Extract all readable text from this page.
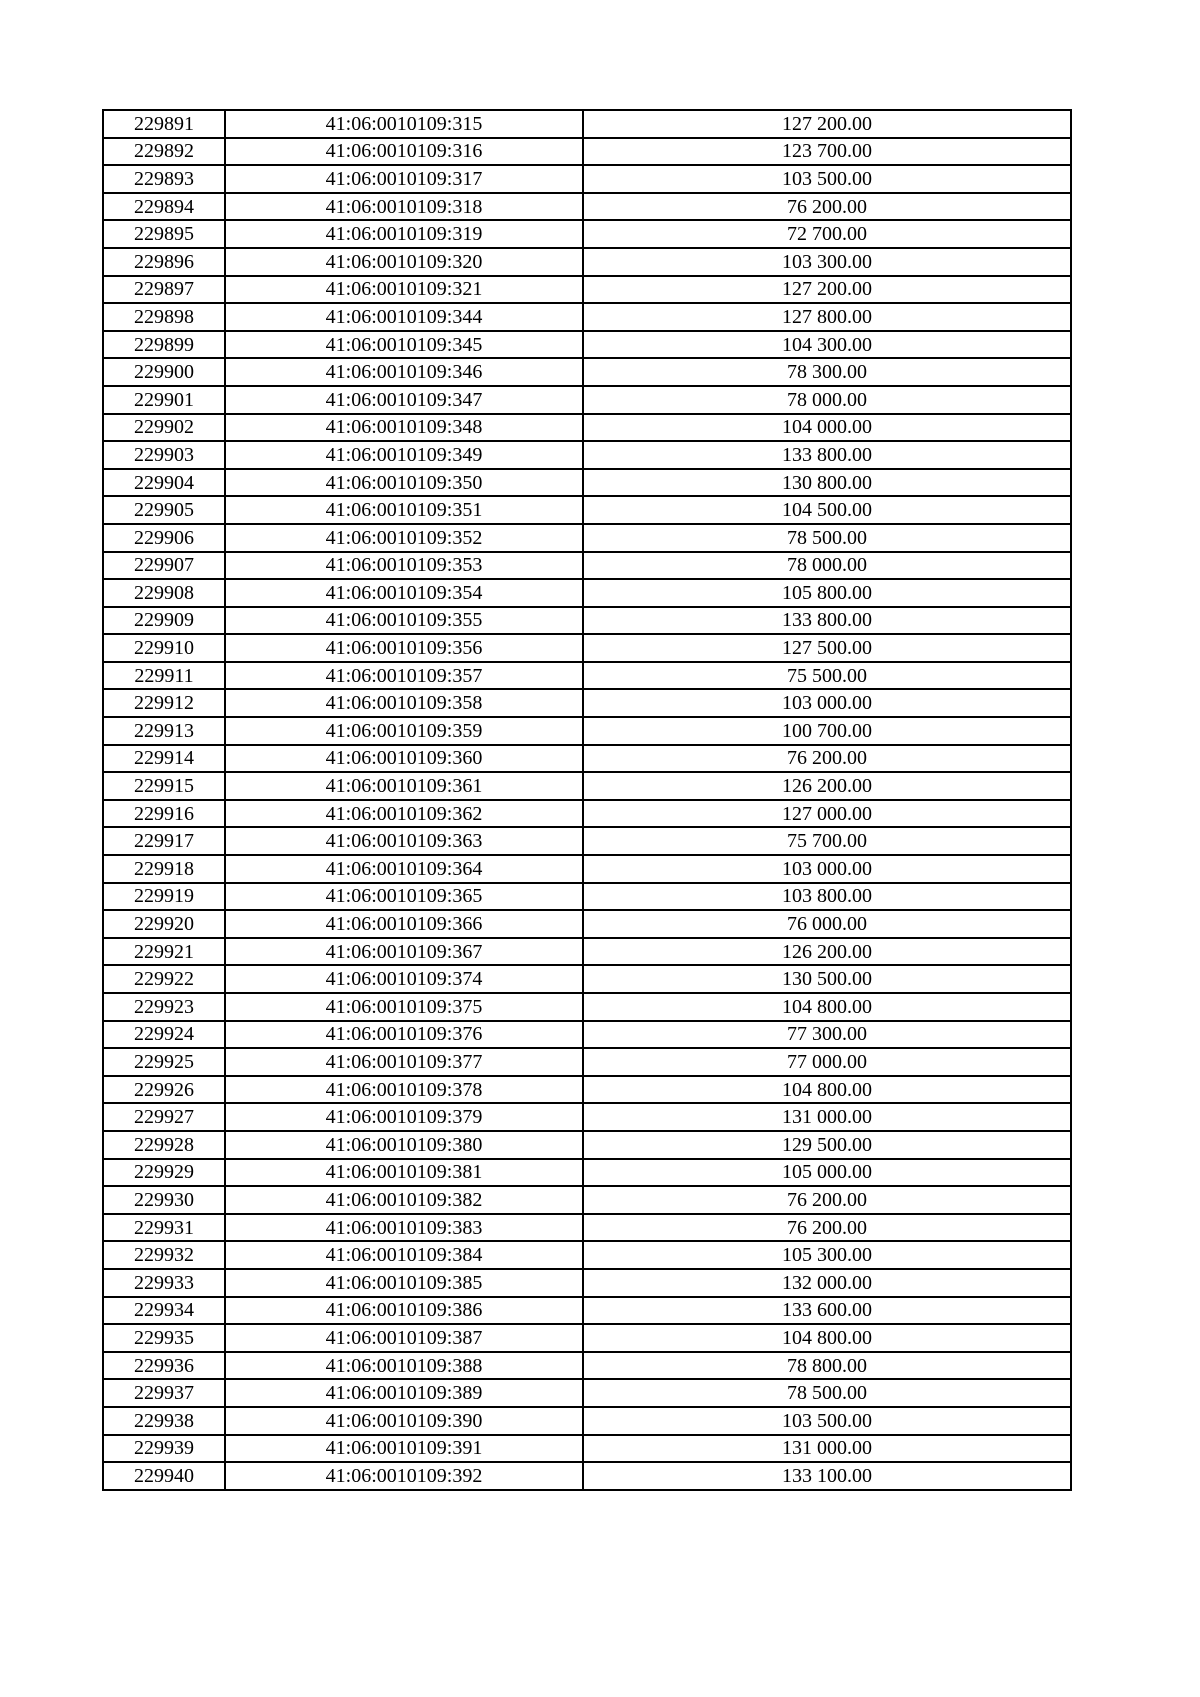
229891	41:06:0010109:315	127 200.00
229892	41:06:0010109:316	123 700.00
229893	41:06:0010109:317	103 500.00
229894	41:06:0010109:318	76 200.00
229895	41:06:0010109:319	72 700.00
229896	41:06:0010109:320	103 300.00
229897	41:06:0010109:321	127 200.00
229898	41:06:0010109:344	127 800.00
229899	41:06:0010109:345	104 300.00
229900	41:06:0010109:346	78 300.00
229901	41:06:0010109:347	78 000.00
229902	41:06:0010109:348	104 000.00
229903	41:06:0010109:349	133 800.00
229904	41:06:0010109:350	130 800.00
229905	41:06:0010109:351	104 500.00
229906	41:06:0010109:352	78 500.00
229907	41:06:0010109:353	78 000.00
229908	41:06:0010109:354	105 800.00
229909	41:06:0010109:355	133 800.00
229910	41:06:0010109:356	127 500.00
229911	41:06:0010109:357	75 500.00
229912	41:06:0010109:358	103 000.00
229913	41:06:0010109:359	100 700.00
229914	41:06:0010109:360	76 200.00
229915	41:06:0010109:361	126 200.00
229916	41:06:0010109:362	127 000.00
229917	41:06:0010109:363	75 700.00
229918	41:06:0010109:364	103 000.00
229919	41:06:0010109:365	103 800.00
229920	41:06:0010109:366	76 000.00
229921	41:06:0010109:367	126 200.00
229922	41:06:0010109:374	130 500.00
229923	41:06:0010109:375	104 800.00
229924	41:06:0010109:376	77 300.00
229925	41:06:0010109:377	77 000.00
229926	41:06:0010109:378	104 800.00
229927	41:06:0010109:379	131 000.00
229928	41:06:0010109:380	129 500.00
229929	41:06:0010109:381	105 000.00
229930	41:06:0010109:382	76 200.00
229931	41:06:0010109:383	76 200.00
229932	41:06:0010109:384	105 300.00
229933	41:06:0010109:385	132 000.00
229934	41:06:0010109:386	133 600.00
229935	41:06:0010109:387	104 800.00
229936	41:06:0010109:388	78 800.00
229937	41:06:0010109:389	78 500.00
229938	41:06:0010109:390	103 500.00
229939	41:06:0010109:391	131 000.00
229940	41:06:0010109:392	133 100.00
